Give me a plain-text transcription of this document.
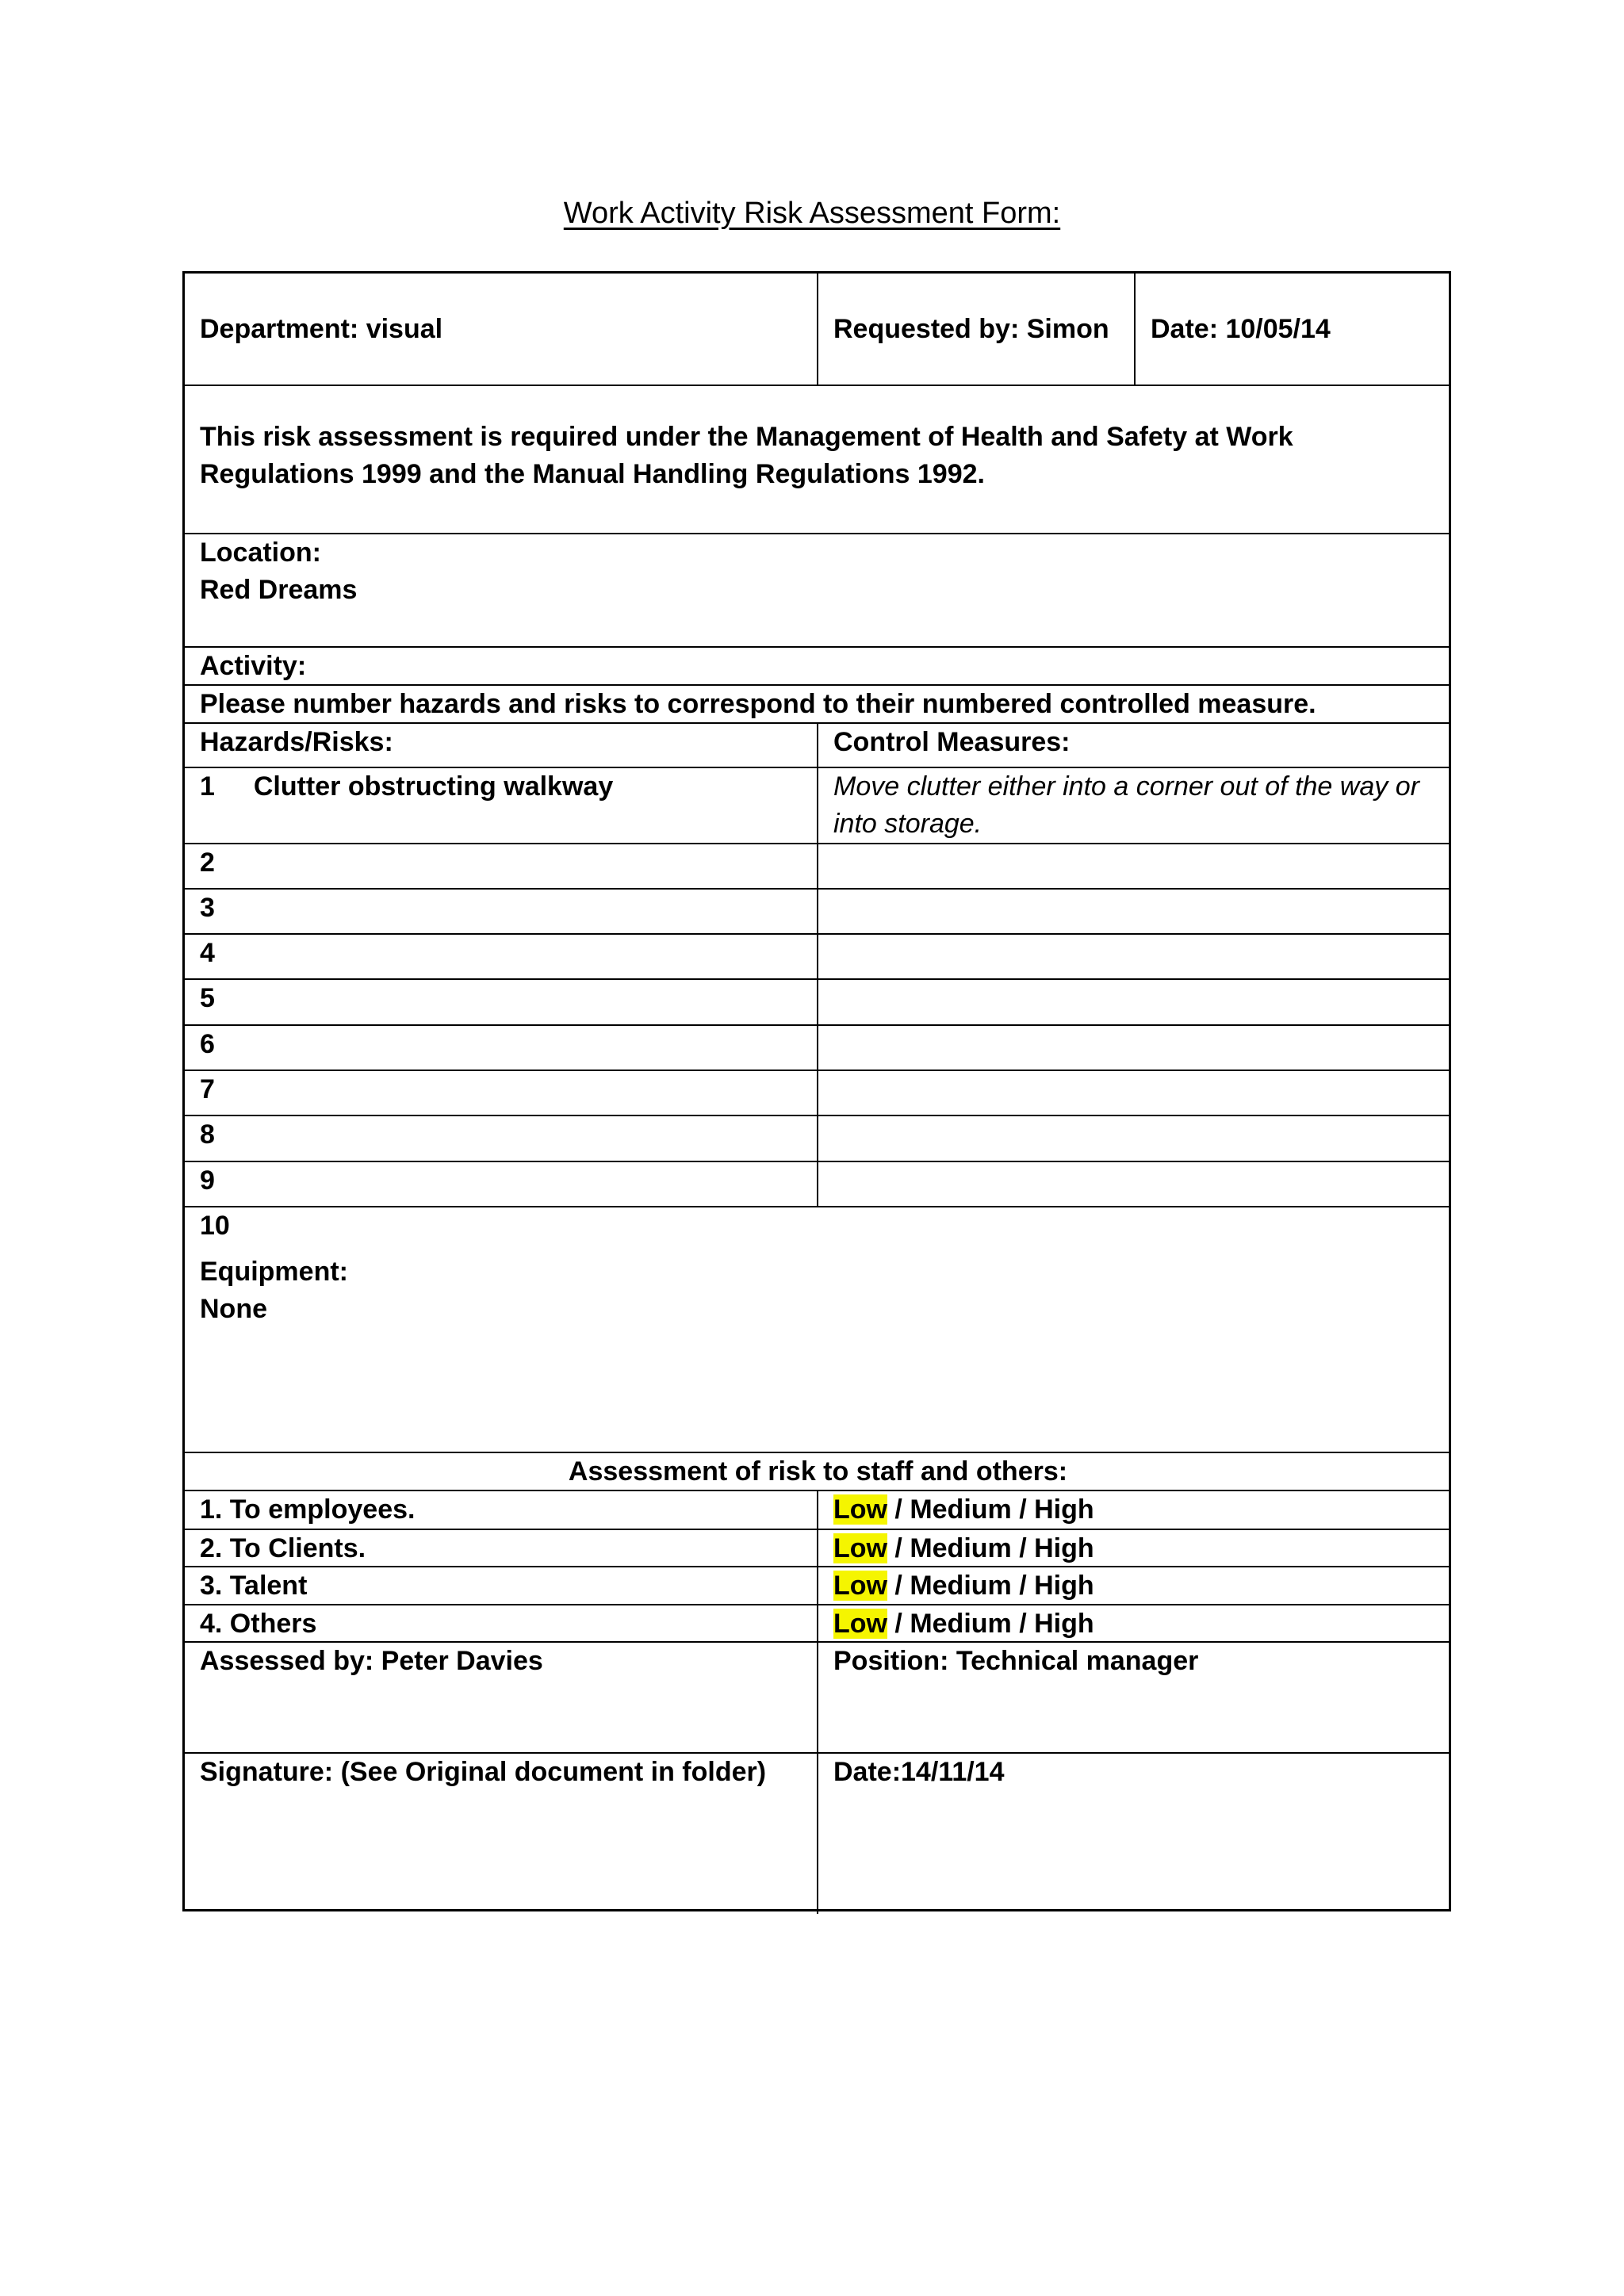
Work Activity Risk Assessment Form:
Department: visual	Requested by: Simon	Date: 10/05/14
This risk assessment is required under the Management of Health and Safety at Work Regulations 1999 and the Manual Handling Regulations 1992.
Location:
Red Dreams
Activity:
Please number hazards and risks to correspond to their numbered controlled measure.
Hazards/Risks:	Control Measures:
1 Clutter obstructing walkway	Move clutter either into a corner out of the way or into storage.
2
3
4
5
6
7
8
9
10
Equipment:
None
Assessment of risk to staff and others:
1. To employees.	Low / Medium / High
2. To Clients.	Low / Medium / High
3. Talent	Low / Medium / High
4. Others	Low / Medium / High
Assessed by: Peter Davies	Position: Technical manager
Signature: (See Original document in folder)	Date:14/11/14
